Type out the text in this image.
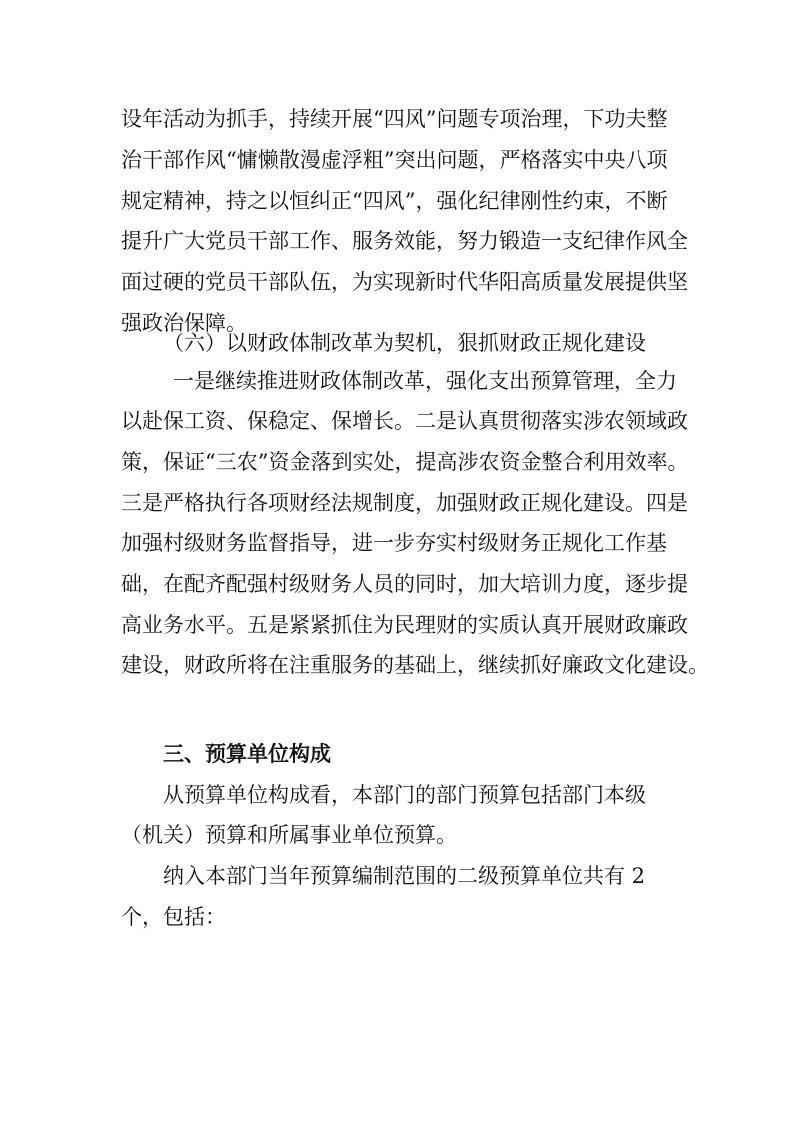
设年活动为抓手，持续开展“四风”问题专项治理，下功夫整
治干部作风“慵懒散漫虚浮粗”突出问题，严格落实中央八项
规定精神，持之以恒纠正“四风”，强化纪律刚性约束，不断
提升广大党员干部工作、服务效能，努力锻造一支纪律作风全
面过硬的党员干部队伍，为实现新时代华阳高质量发展提供坚
强政治保障。
（六）以财政体制改革为契机，狠抓财政正规化建设
一是继续推进财政体制改革，强化支出预算管理，全力
以赴保工资、保稳定、保增长。二是认真贯彻落实涉农领域政
策，保证“三农”资金落到实处，提高涉农资金整合利用效率。
三是严格执行各项财经法规制度，加强财政正规化建设。四是
加强村级财务监督指导，进一步夯实村级财务正规化工作基
础，在配齐配强村级财务人员的同时，加大培训力度，逐步提
高业务水平。五是紧紧抓住为民理财的实质认真开展财政廉政
建设，财政所将在注重服务的基础上，继续抓好廉政文化建设。
三、预算单位构成
从预算单位构成看，本部门的部门预算包括部门本级
（机关）预算和所属事业单位预算。
纳入本部门当年预算编制范围的二级预算单位共有 2
个，包括：
